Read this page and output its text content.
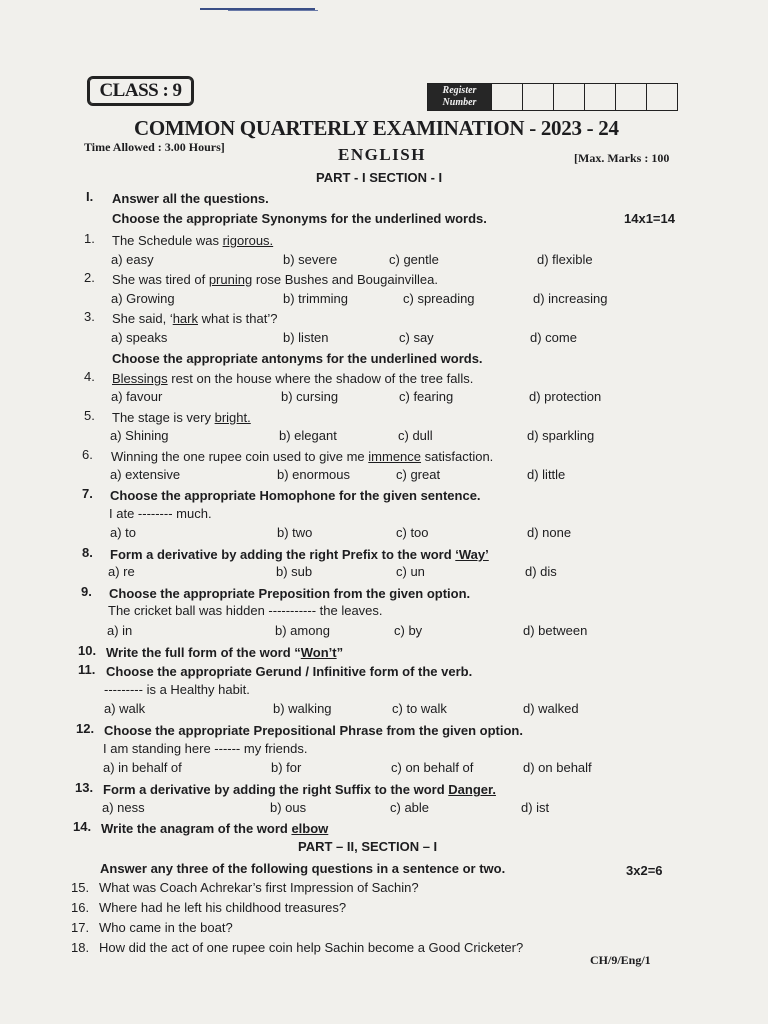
CLASS : 9	Register
Number
COMMON QUARTERLY EXAMINATION - 2023 - 24
Time Allowed : 3.00 Hours]	ENGLISH	[Max. Marks : 100
PART - I SECTION - I
I. Answer all the questions.
Choose the appropriate Synonyms for the underlined words.	14x1=14
1. The Schedule was rigorous.
a) easy	b) severe	c) gentle	d) flexible
2. She was tired of pruning rose Bushes and Bougainvillea.
a) Growing	b) trimming	c) spreading	d) increasing
3. She said, ‘hark what is that’?
a) speaks	b) listen	c) say	d) come
Choose the appropriate antonyms for the underlined words.
4. Blessings rest on the house where the shadow of the tree falls.
a) favour	b) cursing	c) fearing	d) protection
5. The stage is very bright.
a) Shining	b) elegant	c) dull	d) sparkling
6. Winning the one rupee coin used to give me immence satisfaction.
a) extensive	b) enormous	c) great	d) little
7. Choose the appropriate Homophone for the given sentence.
I ate -------- much.
a) to	b) two	c) too	d) none
8. Form a derivative by adding the right Prefix to the word ‘Way’
a) re	b) sub	c) un	d) dis
9. Choose the appropriate Preposition from the given option.
The cricket ball was hidden ----------- the leaves.
a) in	b) among	c) by	d) between
10. Write the full form of the word “Won’t”
11. Choose the appropriate Gerund / Infinitive form of the verb.
--------- is a Healthy habit.
a) walk	b) walking	c) to walk	d) walked
12. Choose the appropriate Prepositional Phrase from the given option.
I am standing here ------ my friends.
a) in behalf of	b) for	c) on behalf of	d) on behalf
13. Form a derivative by adding the right Suffix to the word Danger.
a) ness	b) ous	c) able	d) ist
14. Write the anagram of the word elbow
PART – II, SECTION – I
Answer any three of the following questions in a sentence or two.	3x2=6
15. What was Coach Achrekar’s first Impression of Sachin?
16. Where had he left his childhood treasures?
17. Who came in the boat?
18. How did the act of one rupee coin help Sachin become a Good Cricketer?
CH/9/Eng/1
